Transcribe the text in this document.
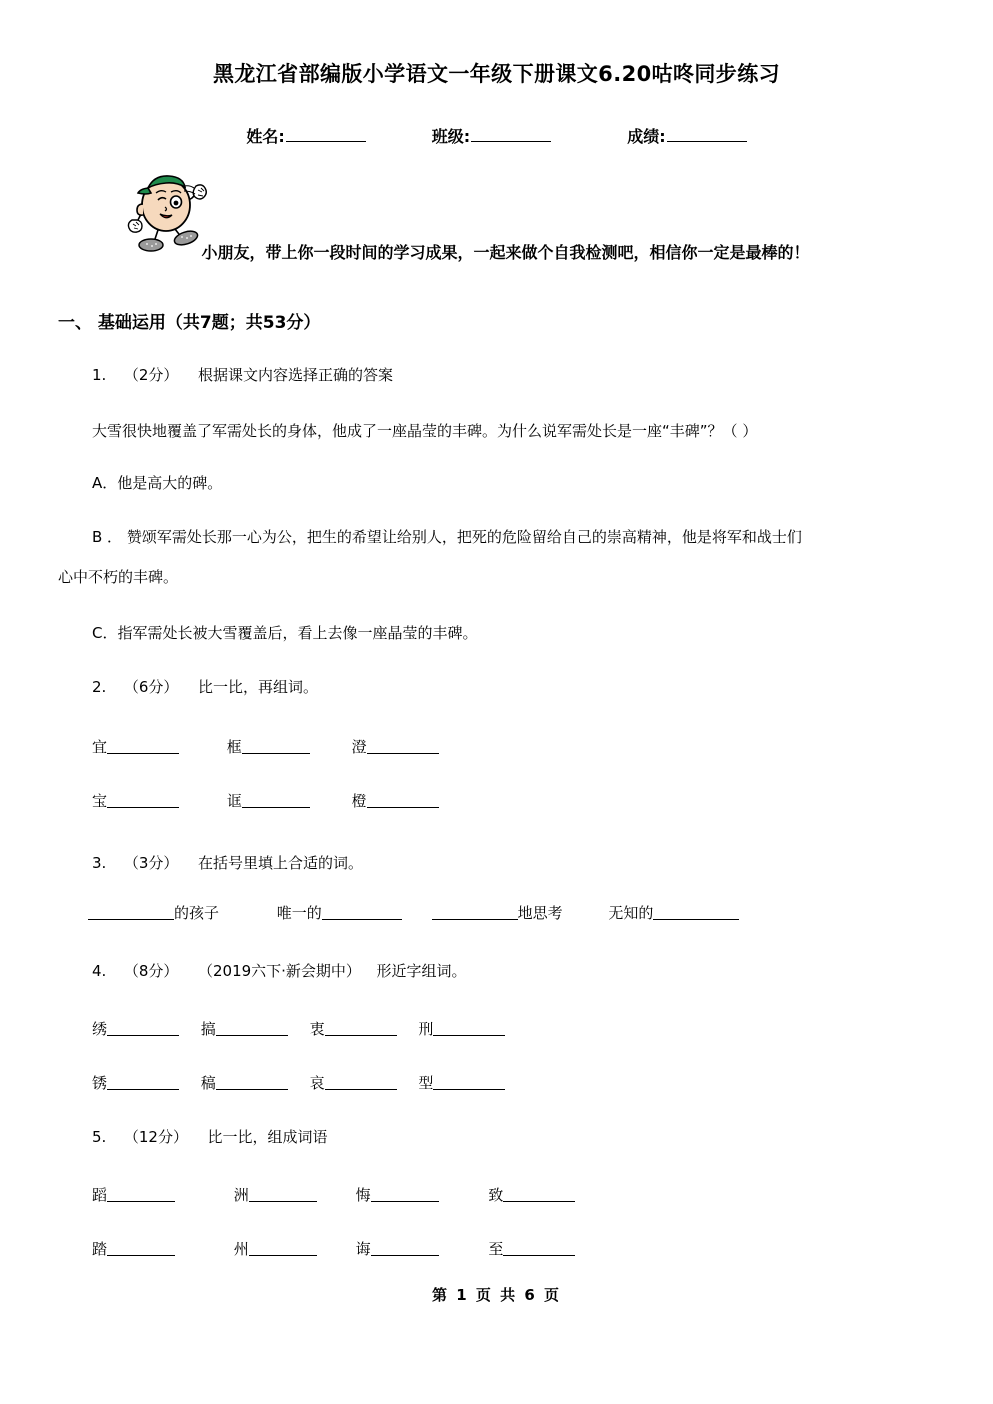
黑龙江省部编版小学语文一年级下册课文6.20咕咚同步练习
姓名:	班级:	成绩:
小朋友，带上你一段时间的学习成果，一起来做个自我检测吧，相信你一定是最棒的！
一、 基础运用（共7题；共53分）
1. （2分） 根据课文内容选择正确的答案
大雪很快地覆盖了军需处长的身体，他成了一座晶莹的丰碑。为什么说军需处长是一座“丰碑”？（ ）
A．他是高大的碑。
B ． 赞颂军需处长那一心为公，把生的希望让给别人，把死的危险留给自己的崇高精神，他是将军和战士们
心中不朽的丰碑。
C．指军需处长被大雪覆盖后，看上去像一座晶莹的丰碑。
2. （6分） 比一比，再组词。
宜	框	澄
宝	诓	橙
3. （3分） 在括号里填上合适的词。
的孩子	唯一的	地思考	无知的
4. （8分） （2019六下·新会期中） 形近字组词。
绣	搞	衷	刑
锈	稿	哀	型
5. （12分） 比一比，组成词语
蹈	洲	悔	致
踏	州	诲	至
第 1 页 共 6 页
